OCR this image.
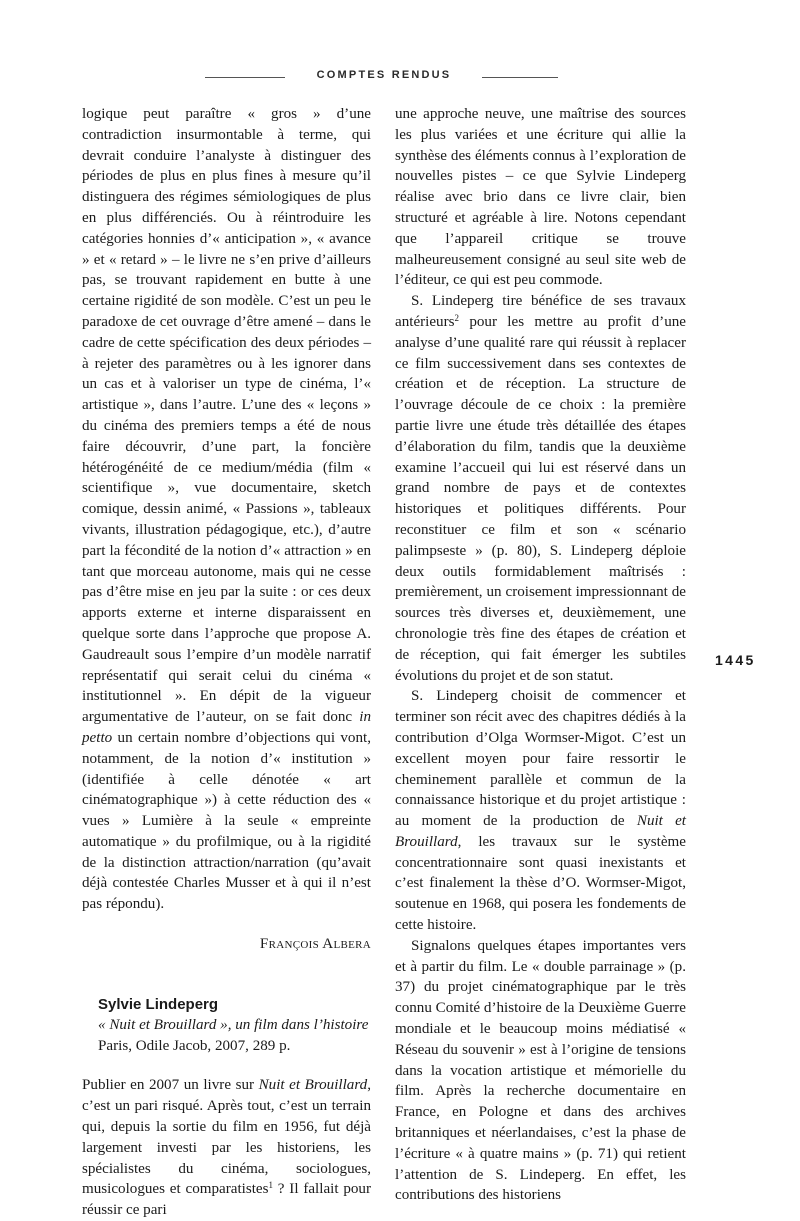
COMPTES RENDUS

logique peut paraître « gros » d’une contradiction insurmontable à terme, qui devrait conduire l’analyste à distinguer des périodes de plus en plus fines à mesure qu’il distinguera des régimes sémiologiques de plus en plus différenciés. Ou à réintroduire les catégories honnies d’« anticipation », « avance » et « retard » – le livre ne s’en prive d’ailleurs pas, se trouvant rapidement en butte à une certaine rigidité de son modèle. C’est un peu le paradoxe de cet ouvrage d’être amené – dans le cadre de cette spécification des deux périodes – à rejeter des paramètres ou à les ignorer dans un cas et à valoriser un type de cinéma, l’« artistique », dans l’autre. L’une des « leçons » du cinéma des premiers temps a été de nous faire découvrir, d’une part, la foncière hétérogénéité de ce medium/média (film « scientifique », vue documentaire, sketch comique, dessin animé, « Passions », tableaux vivants, illustration pédagogique, etc.), d’autre part la fécondité de la notion d’« attraction » en tant que morceau autonome, mais qui ne cesse pas d’être mise en jeu par la suite : or ces deux apports externe et interne disparaissent en quelque sorte dans l’approche que propose A. Gaudreault sous l’empire d’un modèle narratif représentatif qui serait celui du cinéma « institutionnel ». En dépit de la vigueur argumentative de l’auteur, on se fait donc in petto un certain nombre d’objections qui vont, notamment, de la notion d’« institution » (identifiée à celle dénotée « art cinématographique ») à cette réduction des « vues » Lumière à la seule « empreinte automatique » du profilmique, ou à la rigidité de la distinction attraction/narration (qu’avait déjà contestée Charles Musser et à qui il n’est pas répondu).

François Albera

Sylvie Lindeperg
« Nuit et Brouillard », un film dans l’histoire
Paris, Odile Jacob, 2007, 289 p.

Publier en 2007 un livre sur Nuit et Brouillard, c’est un pari risqué. Après tout, c’est un terrain qui, depuis la sortie du film en 1956, fut déjà largement investi par les historiens, les spécialistes du cinéma, sociologues, musicologues et comparatistes$^1$ ? Il fallait pour réussir ce pari

une approche neuve, une maîtrise des sources les plus variées et une écriture qui allie la synthèse des éléments connus à l’exploration de nouvelles pistes – ce que Sylvie Lindeperg réalise avec brio dans ce livre clair, bien structuré et agréable à lire. Notons cependant que l’appareil critique se trouve malheureusement consigné au seul site web de l’éditeur, ce qui est peu commode.

S. Lindeperg tire bénéfice de ses travaux antérieurs$^2$ pour les mettre au profit d’une analyse d’une qualité rare qui réussit à replacer ce film successivement dans ses contextes de création et de réception. La structure de l’ouvrage découle de ce choix : la première partie livre une étude très détaillée des étapes d’élaboration du film, tandis que la deuxième examine l’accueil qui lui est réservé dans un grand nombre de pays et de contextes historiques et politiques différents. Pour reconstituer ce film et son « scénario palimpseste » (p. 80), S. Lindeperg déploie deux outils formidablement maîtrisés : premièrement, un croisement impressionnant de sources très diverses et, deuxièmement, une chronologie très fine des étapes de création et de réception, qui fait émerger les subtiles évolutions du projet et de son statut.

S. Lindeperg choisit de commencer et terminer son récit avec des chapitres dédiés à la contribution d’Olga Wormser-Migot. C’est un excellent moyen pour faire ressortir le cheminement parallèle et commun de la connaissance historique et du projet artistique : au moment de la production de Nuit et Brouillard, les travaux sur le système concentrationnaire sont quasi inexistants et c’est finalement la thèse d’O. Wormser-Migot, soutenue en 1968, qui posera les fondements de cette histoire.

Signalons quelques étapes importantes vers et à partir du film. Le « double parrainage » (p. 37) du projet cinématographique par le très connu Comité d’histoire de la Deuxième Guerre mondiale et le beaucoup moins médiatisé « Réseau du souvenir » est à l’origine de tensions dans la vocation artistique et mémorielle du film. Après la recherche documentaire en France, en Pologne et dans des archives britanniques et néerlandaises, c’est la phase de l’écriture « à quatre mains » (p. 71) qui retient l’attention de S. Lindeperg. En effet, les contributions des historiens

1445
